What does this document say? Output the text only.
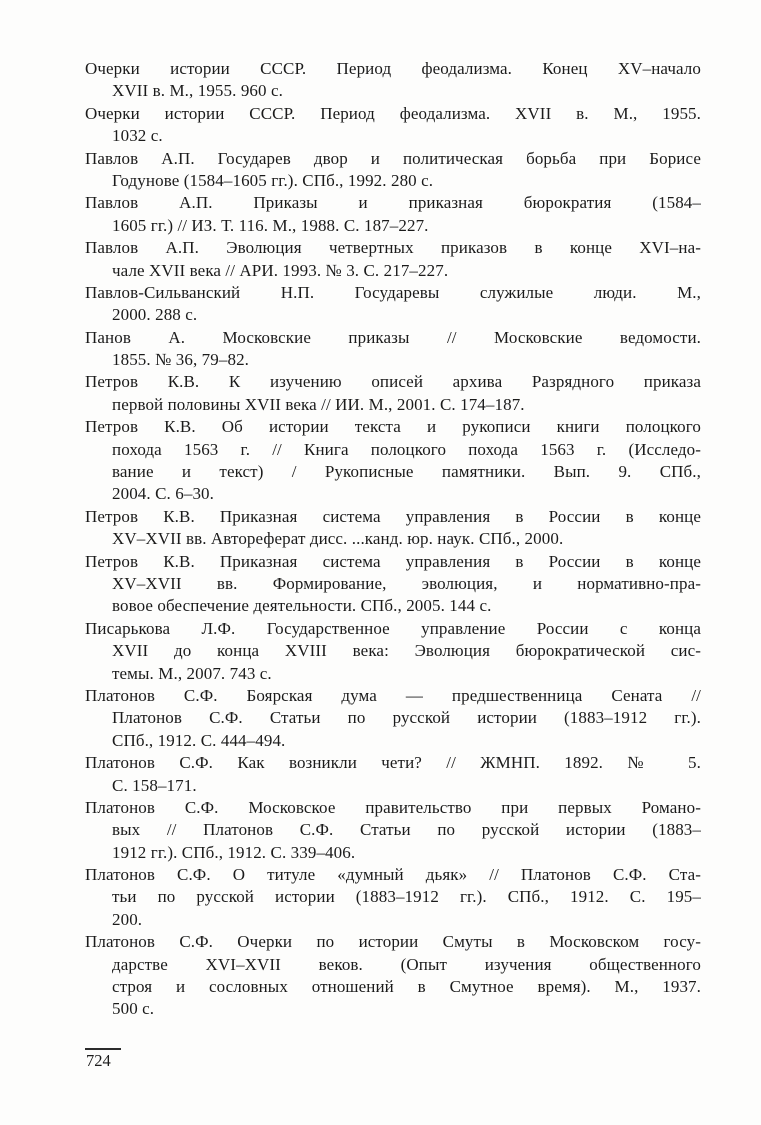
Очерки истории СССР. Период феодализма. Конец XV–начало
XVII в. М., 1955. 960 с.
Очерки истории СССР. Период феодализма. XVII в. М., 1955.
1032 с.
Павлов А.П. Государев двор и политическая борьба при Борисе
Годунове (1584–1605 гг.). СПб., 1992. 280 с.
Павлов А.П. Приказы и приказная бюрократия (1584–
1605 гг.) // ИЗ. Т. 116. М., 1988. С. 187–227.
Павлов А.П. Эволюция четвертных приказов в конце XVI–на-
чале XVII века // АРИ. 1993. № 3. С. 217–227.
Павлов-Сильванский Н.П. Государевы служилые люди. М.,
2000. 288 с.
Панов А. Московские приказы // Московские ведомости.
1855. № 36, 79–82.
Петров К.В. К изучению описей архива Разрядного приказа
первой половины XVII века // ИИ. М., 2001. С. 174–187.
Петров К.В. Об истории текста и рукописи книги полоцкого
похода 1563 г. // Книга полоцкого похода 1563 г. (Исследо-
вание и текст) / Рукописные памятники. Вып. 9. СПб.,
2004. С. 6–30.
Петров К.В. Приказная система управления в России в конце
XV–XVII вв. Автореферат дисс. ...канд. юр. наук. СПб., 2000.
Петров К.В. Приказная система управления в России в конце
XV–XVII вв. Формирование, эволюция, и нормативно-пра-
вовое обеспечение деятельности. СПб., 2005. 144 с.
Писарькова Л.Ф. Государственное управление России с конца
XVII до конца XVIII века: Эволюция бюрократической сис-
темы. М., 2007. 743 с.
Платонов С.Ф. Боярская дума — предшественница Сената //
Платонов С.Ф. Статьи по русской истории (1883–1912 гг.).
СПб., 1912. С. 444–494.
Платонов С.Ф. Как возникли чети? // ЖМНП. 1892. № 5.
С. 158–171.
Платонов С.Ф. Московское правительство при первых Романо-
вых // Платонов С.Ф. Статьи по русской истории (1883–
1912 гг.). СПб., 1912. С. 339–406.
Платонов С.Ф. О титуле «думный дьяк» // Платонов С.Ф. Ста-
тьи по русской истории (1883–1912 гг.). СПб., 1912. С. 195–
200.
Платонов С.Ф. Очерки по истории Смуты в Московском госу-
дарстве XVI–XVII веков. (Опыт изучения общественного
строя и сословных отношений в Смутное время). М., 1937.
500 с.
724
